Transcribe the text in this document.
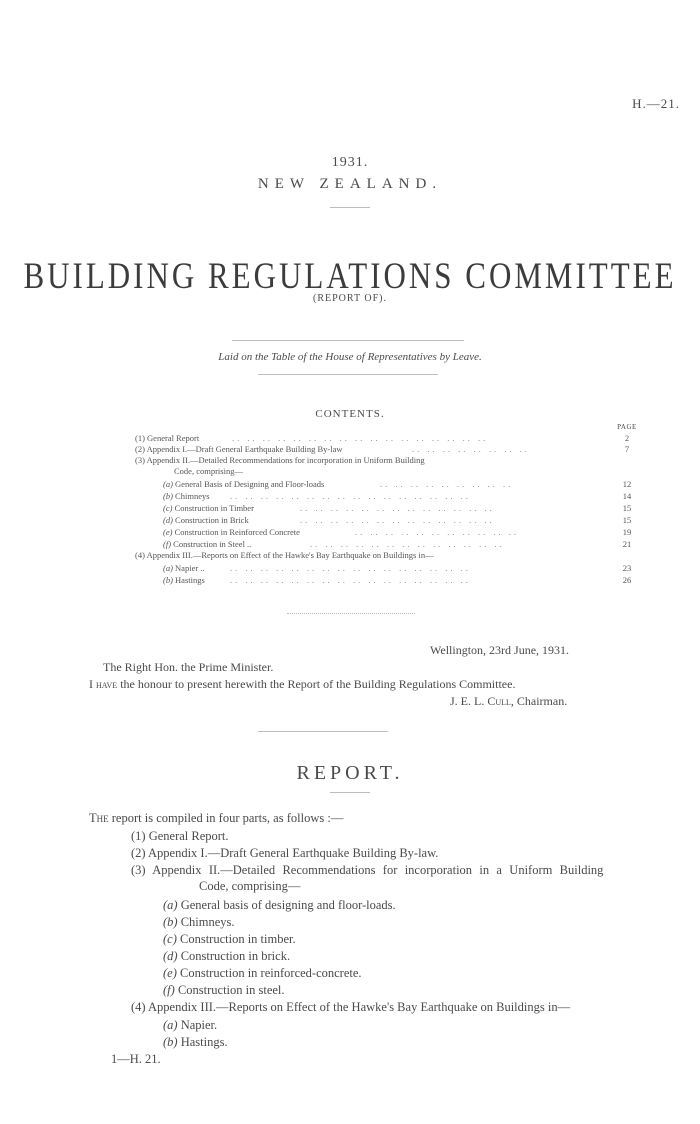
H.—21.
1931.
NEW ZEALAND.
BUILDING REGULATIONS COMMITTEE
(REPORT OF).
Laid on the Table of the House of Representatives by Leave.
CONTENTS.
PAGE
(1) General Report	.. .. .. .. .. .. .. .. .. .. .. .. .. .. .. .. ..	2
(2) Appendix I.—Draft General Earthquake Building By-law	.. .. .. .. .. .. .. ..	7
(3) Appendix II.—Detailed Recommendations for incorporation in Uniform Building
Code, comprising—
(a) General Basis of Designing and Floor-loads	.. .. .. .. .. .. .. .. ..	12
(b) Chimneys .. .. .. .. .. .. .. .. .. .. .. .. .. .. .. ..	14
(c) Construction in Timber	.. .. .. .. .. .. .. .. .. .. .. .. ..	15
(d) Construction in Brick	.. .. .. .. .. .. .. .. .. .. .. .. ..	15
(e) Construction in Reinforced Concrete	.. .. .. .. .. .. .. .. .. .. ..	19
(f) Construction in Steel ..	.. .. .. .. .. .. .. .. .. .. .. .. ..	21
(4) Appendix III.—Reports on Effect of the Hawke's Bay Earthquake on Buildings in—
(a) Napier ..	.. .. .. .. .. .. .. .. .. .. .. .. .. .. .. ..	23
(b) Hastings	.. .. .. .. .. .. .. .. .. .. .. .. .. .. .. ..	26
Wellington, 23rd June, 1931.
The Right Hon. the Prime Minister.
I have the honour to present herewith the Report of the Building Regulations Committee.
J. E. L. Cull, Chairman.
REPORT.
The report is compiled in four parts, as follows :—
(1) General Report.
(2) Appendix I.—Draft General Earthquake Building By-law.
(3) Appendix II.—Detailed Recommendations for incorporation in a Uniform Building
Code, comprising—
(a) General basis of designing and floor-loads.
(b) Chimneys.
(c) Construction in timber.
(d) Construction in brick.
(e) Construction in reinforced-concrete.
(f) Construction in steel.
(4) Appendix III.—Reports on Effect of the Hawke's Bay Earthquake on Buildings in—
(a) Napier.
(b) Hastings.
1—H. 21.
